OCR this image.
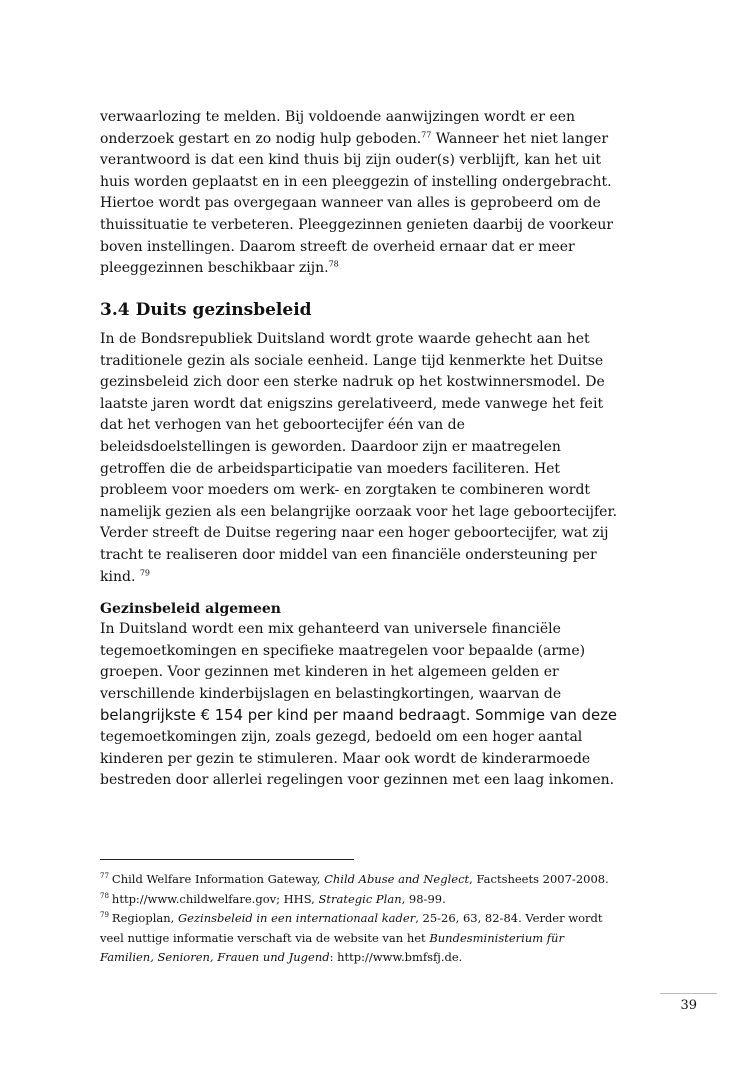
verwaarlozing te melden. Bij voldoende aanwijzingen wordt er een
onderzoek gestart en zo nodig hulp geboden.$^{77}$ Wanneer het niet langer
verantwoord is dat een kind thuis bij zijn ouder(s) verblijft, kan het uit
huis worden geplaatst en in een pleeggezin of instelling ondergebracht.
Hiertoe wordt pas overgegaan wanneer van alles is geprobeerd om de
thuissituatie te verbeteren. Pleeggezinnen genieten daarbij de voorkeur
boven instellingen. Daarom streeft de overheid ernaar dat er meer
pleeggezinnen beschikbaar zijn.$^{78}$
3.4 Duits gezinsbeleid
In de Bondsrepubliek Duitsland wordt grote waarde gehecht aan het
traditionele gezin als sociale eenheid. Lange tijd kenmerkte het Duitse
gezinsbeleid zich door een sterke nadruk op het kostwinnersmodel. De
laatste jaren wordt dat enigszins gerelativeerd, mede vanwege het feit
dat het verhogen van het geboortecijfer één van de
beleidsdoelstellingen is geworden. Daardoor zijn er maatregelen
getroffen die de arbeidsparticipatie van moeders faciliteren. Het
probleem voor moeders om werk- en zorgtaken te combineren wordt
namelijk gezien als een belangrijke oorzaak voor het lage geboortecijfer.
Verder streeft de Duitse regering naar een hoger geboortecijfer, wat zij
tracht te realiseren door middel van een financiële ondersteuning per
kind. $^{79}$
Gezinsbeleid algemeen
In Duitsland wordt een mix gehanteerd van universele financiële
tegemoetkomingen en specifieke maatregelen voor bepaalde (arme)
groepen. Voor gezinnen met kinderen in het algemeen gelden er
verschillende kinderbijslagen en belastingkortingen, waarvan de
belangrijkste € 154 per kind per maand bedraagt. Sommige van deze
tegemoetkomingen zijn, zoals gezegd, bedoeld om een hoger aantal
kinderen per gezin te stimuleren. Maar ook wordt de kinderarmoede
bestreden door allerlei regelingen voor gezinnen met een laag inkomen.
$^{77}$ Child Welfare Information Gateway, Child Abuse and Neglect, Factsheets 2007-2008.
$^{78}$ http://www.childwelfare.gov; HHS, Strategic Plan, 98-99.
$^{79}$ Regioplan, Gezinsbeleid in een internationaal kader, 25-26, 63, 82-84. Verder wordt
veel nuttige informatie verschaft via de website van het Bundesministerium für
Familien, Senioren, Frauen und Jugend: http://www.bmfsfj.de.
39
